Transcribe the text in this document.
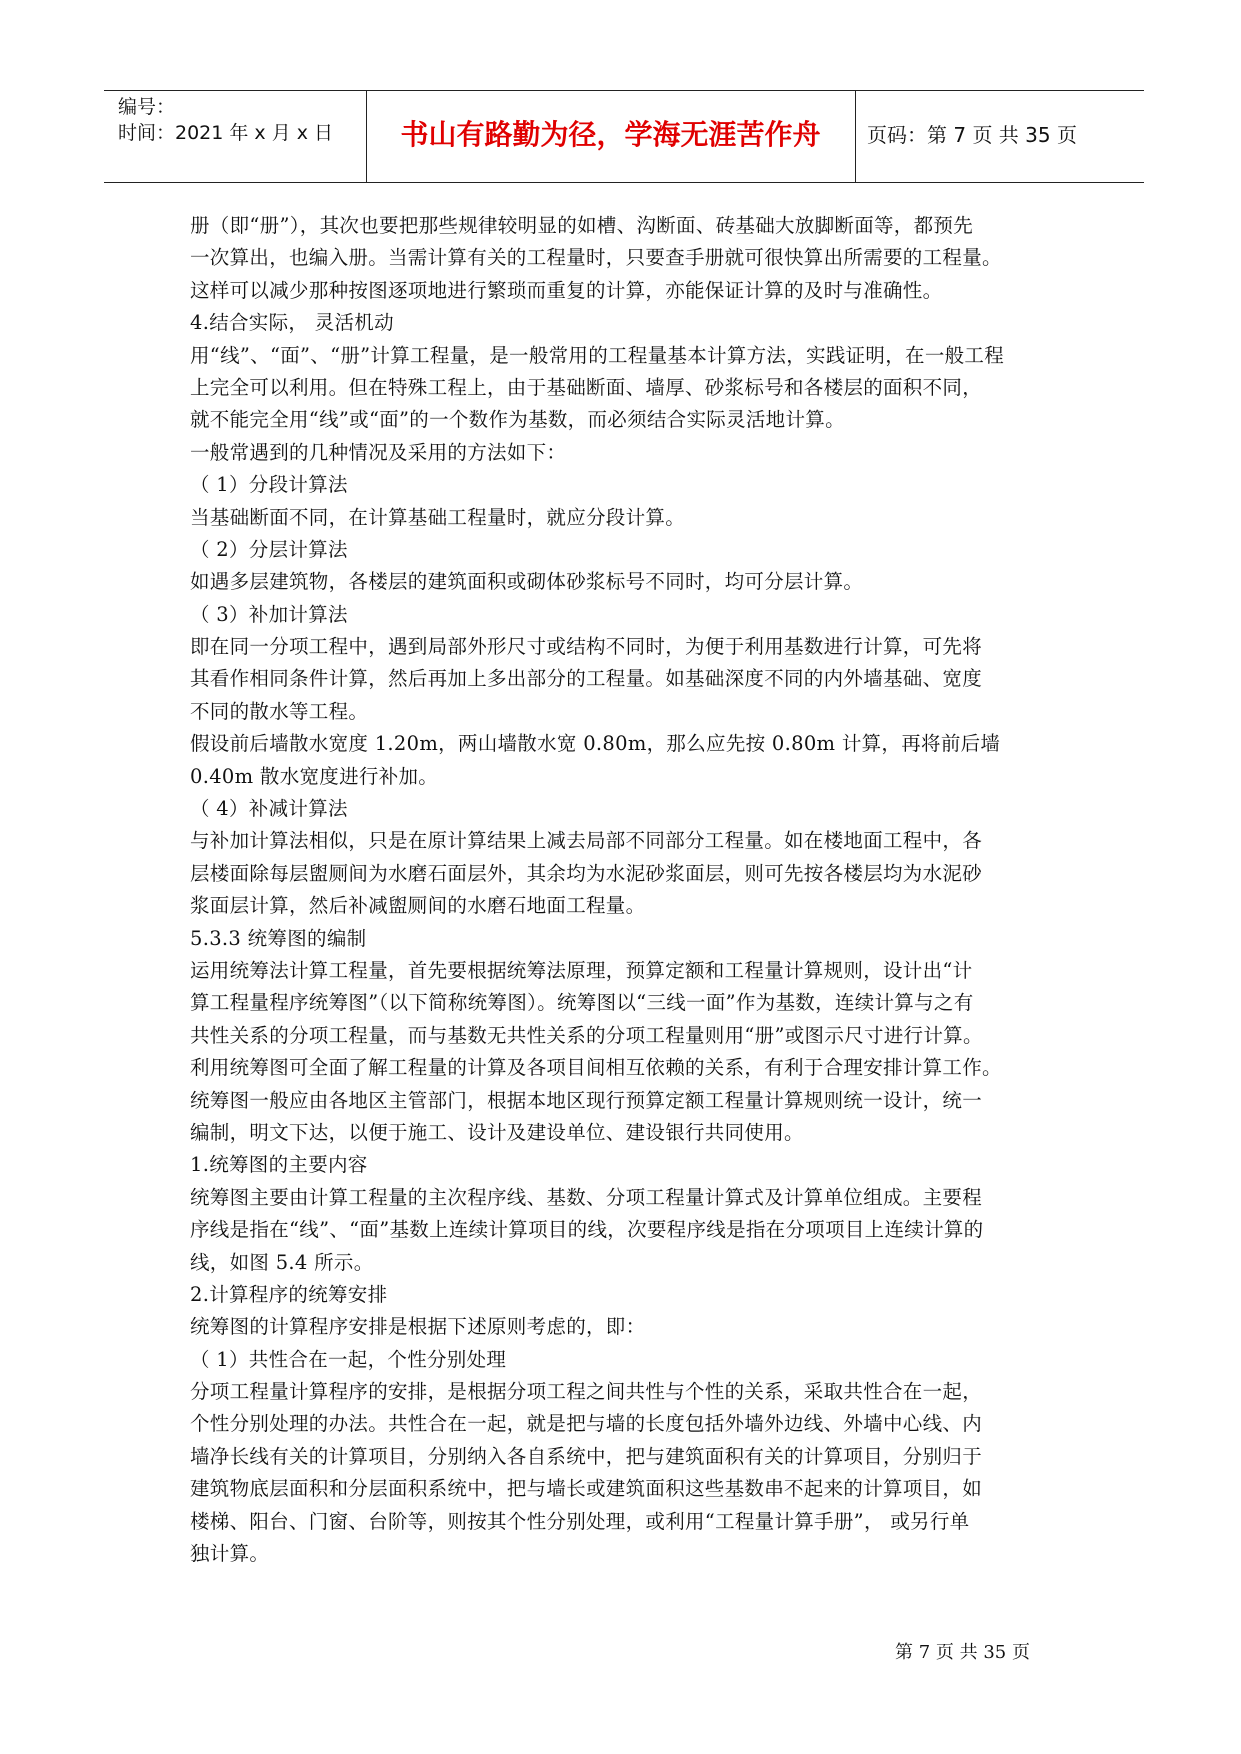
编号：
时间：2021 年 x 月 x 日	书山有路勤为径，学海无涯苦作舟	页码：第 7 页 共 35 页
册（即“册”），其次也要把那些规律较明显的如槽、沟断面、砖基础大放脚断面等，都预先
一次算出，也编入册。当需计算有关的工程量时，只要查手册就可很快算出所需要的工程量。
这样可以减少那种按图逐项地进行繁琐而重复的计算，亦能保证计算的及时与准确性。
4.结合实际， 灵活机动
用“线”、“面”、“册”计算工程量，是一般常用的工程量基本计算方法，实践证明，在一般工程
上完全可以利用。但在特殊工程上，由于基础断面、墙厚、砂浆标号和各楼层的面积不同，
就不能完全用“线”或“面”的一个数作为基数，而必须结合实际灵活地计算。
一般常遇到的几种情况及采用的方法如下：
（ 1）分段计算法
当基础断面不同，在计算基础工程量时，就应分段计算。
（ 2）分层计算法
如遇多层建筑物，各楼层的建筑面积或砌体砂浆标号不同时，均可分层计算。
（ 3）补加计算法
即在同一分项工程中，遇到局部外形尺寸或结构不同时，为便于利用基数进行计算，可先将
其看作相同条件计算，然后再加上多出部分的工程量。如基础深度不同的内外墙基础、宽度
不同的散水等工程。
假设前后墙散水宽度 1.20m，两山墙散水宽 0.80m，那么应先按 0.80m 计算，再将前后墙
0.40m 散水宽度进行补加。
（ 4）补减计算法
与补加计算法相似，只是在原计算结果上减去局部不同部分工程量。如在楼地面工程中，各
层楼面除每层盥厕间为水磨石面层外，其余均为水泥砂浆面层，则可先按各楼层均为水泥砂
浆面层计算，然后补减盥厕间的水磨石地面工程量。
5.3.3 统筹图的编制
运用统筹法计算工程量，首先要根据统筹法原理，预算定额和工程量计算规则，设计出“计
算工程量程序统筹图”（以下简称统筹图）。统筹图以“三线一面”作为基数，连续计算与之有
共性关系的分项工程量，而与基数无共性关系的分项工程量则用“册”或图示尺寸进行计算。
利用统筹图可全面了解工程量的计算及各项目间相互依赖的关系，有利于合理安排计算工作。
统筹图一般应由各地区主管部门，根据本地区现行预算定额工程量计算规则统一设计，统一
编制，明文下达，以便于施工、设计及建设单位、建设银行共同使用。
1.统筹图的主要内容
统筹图主要由计算工程量的主次程序线、基数、分项工程量计算式及计算单位组成。主要程
序线是指在“线”、“面”基数上连续计算项目的线，次要程序线是指在分项项目上连续计算的
线，如图 5.4 所示。
2.计算程序的统筹安排
统筹图的计算程序安排是根据下述原则考虑的，即：
（ 1）共性合在一起，个性分别处理
分项工程量计算程序的安排，是根据分项工程之间共性与个性的关系，采取共性合在一起，
个性分别处理的办法。共性合在一起，就是把与墙的长度包括外墙外边线、外墙中心线、内
墙净长线有关的计算项目，分别纳入各自系统中，把与建筑面积有关的计算项目，分别归于
建筑物底层面积和分层面积系统中，把与墙长或建筑面积这些基数串不起来的计算项目，如
楼梯、阳台、门窗、台阶等，则按其个性分别处理，或利用“工程量计算手册”， 或另行单
独计算。
第 7 页 共 35 页
